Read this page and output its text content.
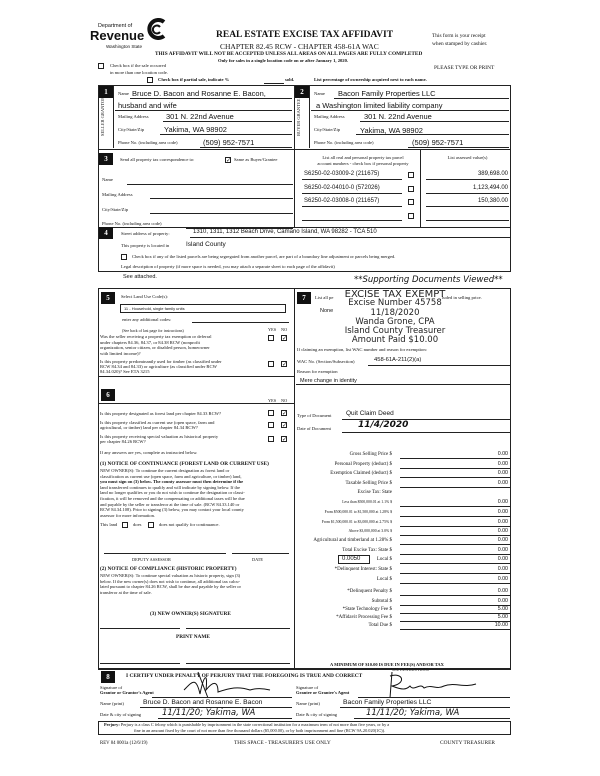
Department of
Revenue
Washington State
REAL ESTATE EXCISE TAX AFFIDAVIT
CHAPTER 82.45 RCW - CHAPTER 458-61A WAC
This form is your receipt
when stamped by cashier.
THIS AFFIDAVIT WILL NOT BE ACCEPTED UNLESS ALL AREAS ON ALL PAGES ARE FULLY COMPLETED
Only for sales in a single location code on or after January 1, 2020.
Check box if the sale occurred
in more than one location code.
PLEASE TYPE OR PRINT
Check box if partial sale, indicate %	sold.	List percentage of ownership acquired next to each name.
1	2
SELLER GRANTOR	BUYER GRANTEE
Name Bruce D. Bacon and Rosanne E. Bacon,
husband and wife
Mailing Address 301 N. 22nd Avenue
City/State/Zip	Yakima, WA 98902
Phone No. (including area code)	(509) 952-7571
Name Bacon Family Properties LLC
a Washington limited liability company
Mailing Address	301 N. 22nd Avenue
City/State/Zip	Yakima, WA 98902
Phone No. (including area code)	(509) 952-7571
3	Send all property tax correspondence to:	✓ Same as Buyer/Grantee
Name
Mailing Address
City/State/Zip
Phone No. (including area code)
List all real and personal property tax parcel
account numbers - check box if personal property
List assessed value(s)
S6250-02-03009-2 (211675)	389,698.00
S6250-02-04010-0 (572026)	1,123,494.00
S6250-02-03008-0 (211657)	150,380.00
4	Street address of property:	1310, 1311, 1312 Beach Drive, Camano Island, WA 98282 - TCA 510
This property is located in	Island County
Check box if any of the listed parcels are being segregated from another parcel, are part of a boundary line adjustment or parcels being merged.
Legal description of property (if more space is needed, you may attach a separate sheet to each page of the affidavit)
See attached.	**Supporting Documents Viewed**
5	Select Land Use Code(s):
11 - Household, single family units
enter any additional codes:
(See back of last page for instructions)	YES NO
Was the seller receiving a property tax exemption or deferral
under chapters 84.36, 84.37, or 84.38 RCW (nonprofit
organization, senior citizen, or disabled person, homeowner
with limited income)?
✓
Is this property predominantly used for timber (as classified under
RCW 84.34 and 84.33) or agriculture (as classified under RCW
84.34.020)? See ETA 3215
✓
6
YES NO
Is this property designated as forest land per chapter 84.33 RCW?	✓
Is this property classified as current use (open space, farm and
agricultural, or timber) land per chapter 84.34 RCW?	✓
Is this property receiving special valuation as historical property
per chapter 84.26 RCW?	✓
If any answers are yes, complete as instructed below.
(1) NOTICE OF CONTINUANCE (FOREST LAND OR CURRENT USE)
NEW OWNER(S): To continue the current designation as forest land or
classification as current use (open space, farm and agriculture, or timber) land,
you must sign on (3) below. The county assessor must then determine if the
land transferred continues to qualify and will indicate by signing below. If the
land no longer qualifies or you do not wish to continue the designation or classi-
fication, it will be removed and the compensating or additional taxes will be due
and payable by the seller or transferor at the time of sale. (RCW 84.33.140 or
RCW 84.34.108). Prior to signing (3) below, you may contact your local county
assessor for more information.
This land	does	does not qualify for continuance.
DEPUTY ASSESSOR	DATE
(2) NOTICE OF COMPLIANCE (HISTORIC PROPERTY)
NEW OWNER(S): To continue special valuation as historic property, sign (3)
below. If the new owner(s) does not wish to continue, all additional tax calcu-
lated pursuant to chapter 84.26 RCW, shall be due and payable by the seller or
transferor at the time of sale.
(3) NEW OWNER(S) SIGNATURE
PRINT NAME
7	List all pe	luded in selling price.
None
EXCISE TAX EXEMPT
Excise Number 45758
11/18/2020
Wanda Grone, CPA
Island County Treasurer
Amount Paid $10.00
If claiming an exemption, list WAC number and reason for exemption:
WAC No. (Section/Subsection)	458-61A-211(2)(a)
Reason for exemption
Mere change in identity
Type of Document Quit Claim Deed
Date of Document	11/4/2020
Gross Selling Price $	0.00
Personal Property (deduct) $	0.00
Exemption Claimed (deduct) $	0.00
Taxable Selling Price $	0.00
Excise Tax: State
Less than $500,000.01 at 1.1% $	0.00
From $500,000.01 to $1,500,000 at 1.28% $	0.00
From $1,500,000.01 to $3,000,000 at 2.75% $	0.00
Above $3,000,000 at 3.0% $	0.00
Agricultural and timberland at 1.28% $	0.00
Total Excise Tax: State $	0.00
Local $
0.0050	0.00
*Delinquent Interest: State $	0.00
Local $	0.00
*Delinquent Penalty $	0.00
Subtotal $	0.00
*State Technology Fee $	5.00
*Affidavit Processing Fee $	5.00
Total Due $	10.00
*SEE INSTRUCTIONS
A MINIMUM OF $10.00 IS DUE IN FEE(S) AND/OR TAX
8	I CERTIFY UNDER PENALTY OF PERJURY THAT THE FOREGOING IS TRUE AND CORRECT
Signature of
Grantor or Grantor's Agent
Signature of
Grantee or Grantee's Agent
Name (print)	Bruce D. Bacon and Rosanne E. Bacon	Name (print)	Bacon Family Properties LLC
Date & city of signing 11/11/20; Yakima, WA	Date & city of signing	11/11/20; Yakima, WA
Perjury: Perjury is a class C felony which is punishable by imprisonment in the state correctional institution for a maximum term of not more than five years, or by a
fine in an amount fixed by the court of not more than five thousand dollars ($5,000.00), or by both imprisonment and fine (RCW 9A.20.020(1C)).
REV 84 0001a (12/6/19)	THIS SPACE - TREASURER'S USE ONLY	COUNTY TREASURER
